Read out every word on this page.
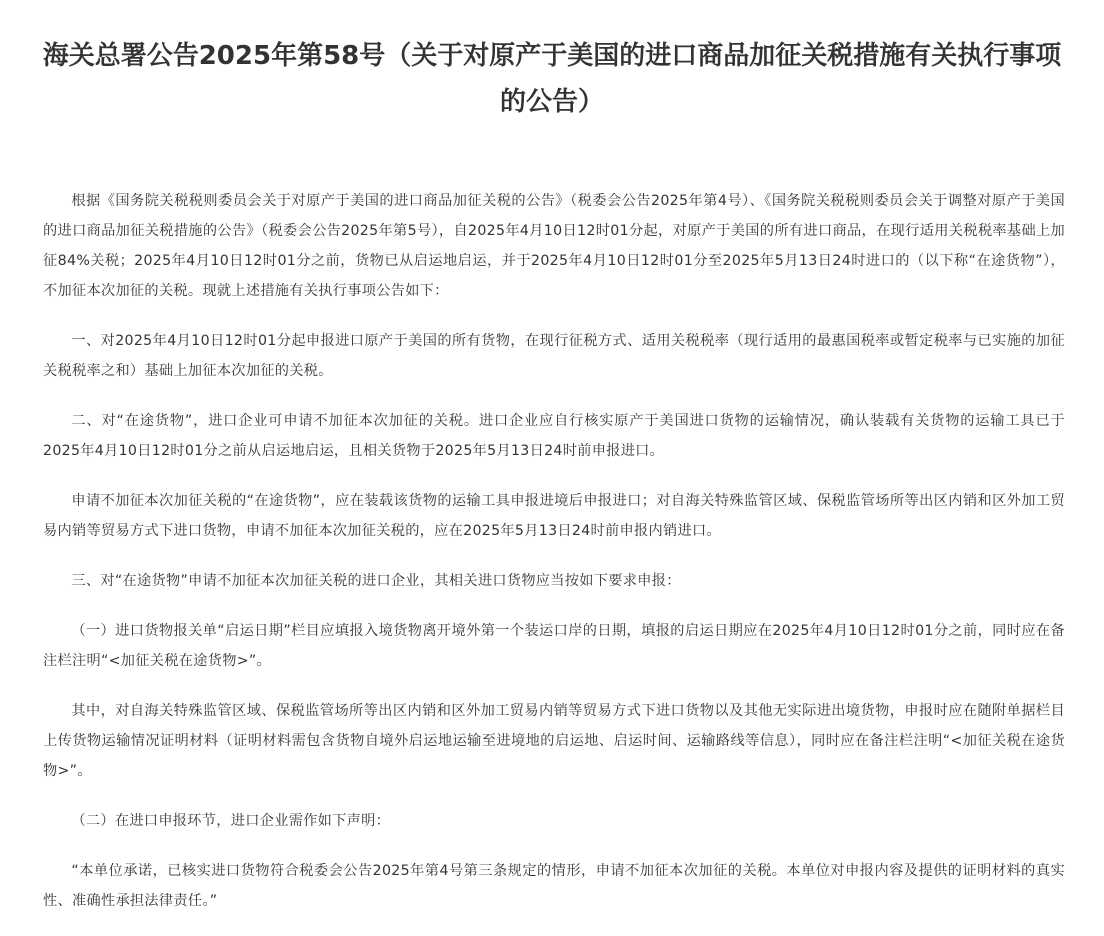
海关总署公告2025年第58号（关于对原产于美国的进口商品加征关税措施有关执行事项的公告）

根据《国务院关税税则委员会关于对原产于美国的进口商品加征关税的公告》（税委会公告2025年第4号）、《国务院关税税则委员会关于调整对原产于美国的进口商品加征关税措施的公告》（税委会公告2025年第5号），自2025年4月10日12时01分起，对原产于美国的所有进口商品，在现行适用关税税率基础上加征84%关税；2025年4月10日12时01分之前，货物已从启运地启运，并于2025年4月10日12时01分至2025年5月13日24时进口的（以下称“在途货物”），不加征本次加征的关税。现就上述措施有关执行事项公告如下：

一、对2025年4月10日12时01分起申报进口原产于美国的所有货物，在现行征税方式、适用关税税率（现行适用的最惠国税率或暂定税率与已实施的加征关税税率之和）基础上加征本次加征的关税。

二、对“在途货物”，进口企业可申请不加征本次加征的关税。进口企业应自行核实原产于美国进口货物的运输情况，确认装载有关货物的运输工具已于2025年4月10日12时01分之前从启运地启运，且相关货物于2025年5月13日24时前申报进口。

申请不加征本次加征关税的“在途货物”，应在装载该货物的运输工具申报进境后申报进口；对自海关特殊监管区域、保税监管场所等出区内销和区外加工贸易内销等贸易方式下进口货物，申请不加征本次加征关税的，应在2025年5月13日24时前申报内销进口。

三、对“在途货物”申请不加征本次加征关税的进口企业，其相关进口货物应当按如下要求申报：

（一）进口货物报关单“启运日期”栏目应填报入境货物离开境外第一个装运口岸的日期，填报的启运日期应在2025年4月10日12时01分之前，同时应在备注栏注明“<加征关税在途货物>”。

其中，对自海关特殊监管区域、保税监管场所等出区内销和区外加工贸易内销等贸易方式下进口货物以及其他无实际进出境货物，申报时应在随附单据栏目上传货物运输情况证明材料（证明材料需包含货物自境外启运地运输至进境地的启运地、启运时间、运输路线等信息），同时应在备注栏注明“<加征关税在途货物>”。

（二）在进口申报环节，进口企业需作如下声明：

“本单位承诺，已核实进口货物符合税委会公告2025年第4号第三条规定的情形，申请不加征本次加征的关税。本单位对申报内容及提供的证明材料的真实性、准确性承担法律责任。”
